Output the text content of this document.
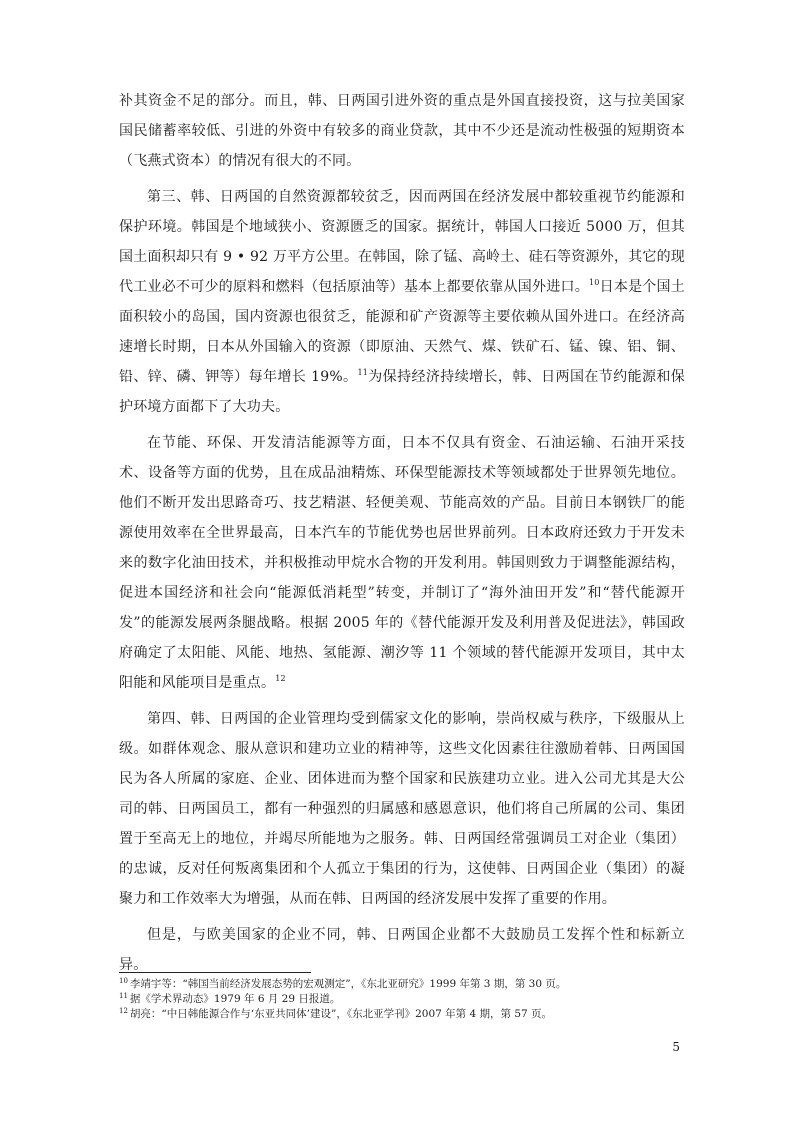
补其资金不足的部分。而且，韩、日两国引进外资的重点是外国直接投资，这与拉美国家国民储蓄率较低、引进的外资中有较多的商业贷款，其中不少还是流动性极强的短期资本（飞燕式资本）的情况有很大的不同。

第三、韩、日两国的自然资源都较贫乏，因而两国在经济发展中都较重视节约能源和保护环境。韩国是个地域狭小、资源匮乏的国家。据统计，韩国人口接近 5000 万，但其国土面积却只有 9 • 92 万平方公里。在韩国，除了锰、高岭土、硅石等资源外，其它的现代工业必不可少的原料和燃料（包括原油等）基本上都要依靠从国外进口。$^{10}$日本是个国土面积较小的岛国，国内资源也很贫乏，能源和矿产资源等主要依赖从国外进口。在经济高速增长时期，日本从外国输入的资源（即原油、天然气、煤、铁矿石、锰、镍、铝、铜、铅、锌、磷、钾等）每年增长 19%。$^{11}$为保持经济持续增长，韩、日两国在节约能源和保护环境方面都下了大功夫。

在节能、环保、开发清洁能源等方面，日本不仅具有资金、石油运输、石油开采技术、设备等方面的优势，且在成品油精炼、环保型能源技术等领域都处于世界领先地位。他们不断开发出思路奇巧、技艺精湛、轻便美观、节能高效的产品。目前日本钢铁厂的能源使用效率在全世界最高，日本汽车的节能优势也居世界前列。日本政府还致力于开发未来的数字化油田技术，并积极推动甲烷水合物的开发利用。韩国则致力于调整能源结构，促进本国经济和社会向“能源低消耗型”转变，并制订了“海外油田开发”和“替代能源开发”的能源发展两条腿战略。根据 2005 年的《替代能源开发及利用普及促进法》，韩国政府确定了太阳能、风能、地热、氢能源、潮汐等 11 个领域的替代能源开发项目，其中太阳能和风能项目是重点。$^{12}$

第四、韩、日两国的企业管理均受到儒家文化的影响，崇尚权威与秩序，下级服从上级。如群体观念、服从意识和建功立业的精神等，这些文化因素往往激励着韩、日两国国民为各人所属的家庭、企业、团体进而为整个国家和民族建功立业。进入公司尤其是大公司的韩、日两国员工，都有一种强烈的归属感和感恩意识，他们将自己所属的公司、集团置于至高无上的地位，并竭尽所能地为之服务。韩、日两国经常强调员工对企业（集团）的忠诚，反对任何叛离集团和个人孤立于集团的行为，这使韩、日两国企业（集团）的凝聚力和工作效率大为增强，从而在韩、日两国的经济发展中发挥了重要的作用。

但是，与欧美国家的企业不同，韩、日两国企业都不大鼓励员工发挥个性和标新立异。

$^{10}$ 李靖宇等：“韩国当前经济发展态势的宏观测定”，《东北亚研究》1999 年第 3 期，第 30 页。

$^{11}$ 据《学术界动态》1979 年 6 月 29 日报道。

$^{12}$ 胡亮：“中日韩能源合作与‘东亚共同体’建设”，《东北亚学刊》2007 年第 4 期，第 57 页。

5
